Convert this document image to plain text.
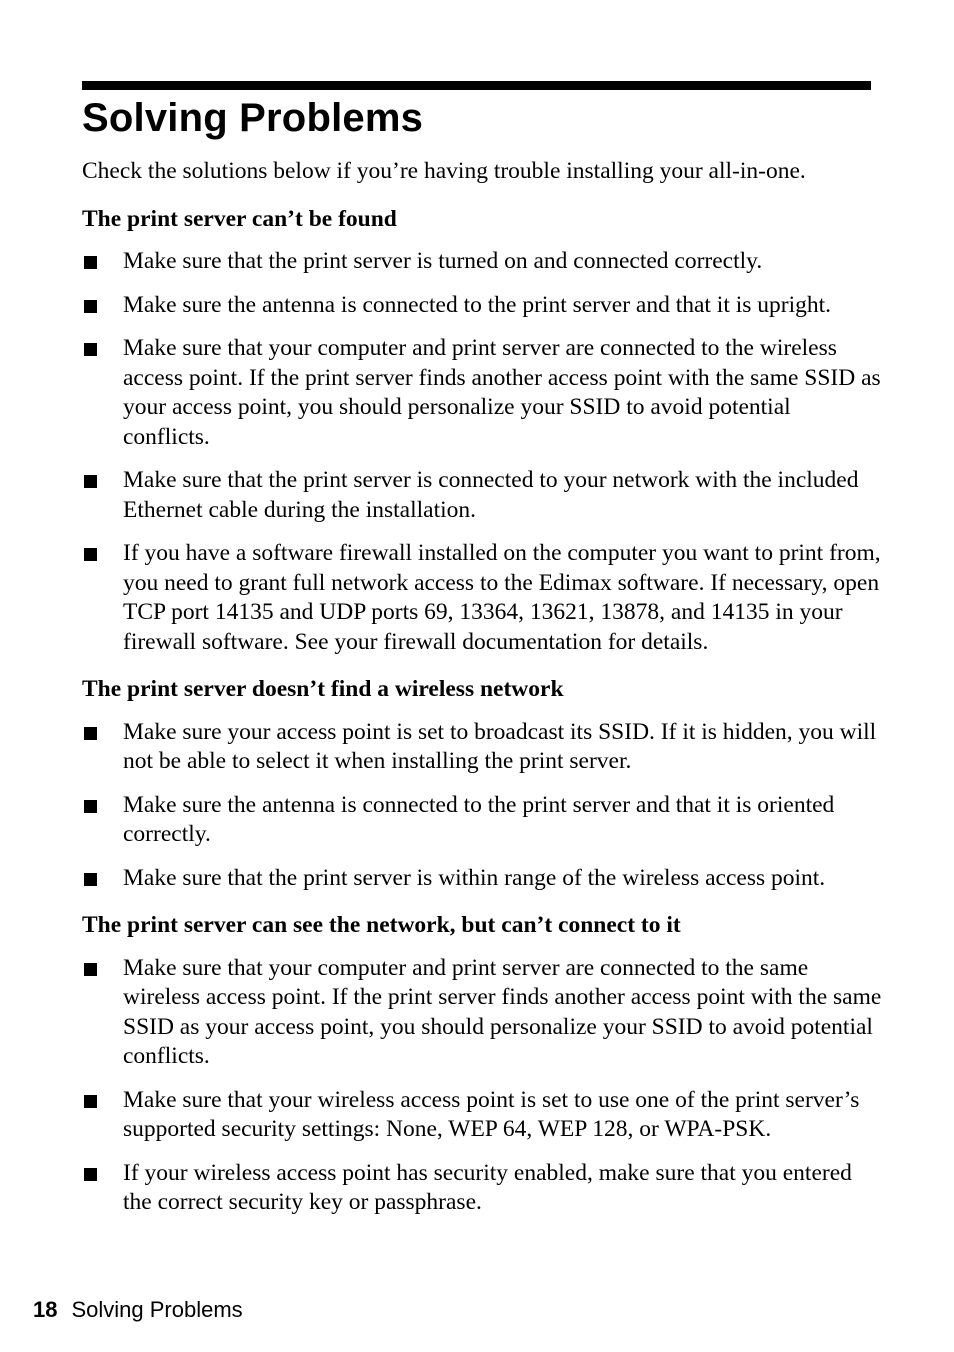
Solving Problems

Check the solutions below if you’re having trouble installing your all-in-one.

The print server can’t be found

Make sure that the print server is turned on and connected correctly.
Make sure the antenna is connected to the print server and that it is upright.
Make sure that your computer and print server are connected to the wireless access point. If the print server finds another access point with the same SSID as your access point, you should personalize your SSID to avoid potential conflicts.
Make sure that the print server is connected to your network with the included Ethernet cable during the installation.
If you have a software firewall installed on the computer you want to print from, you need to grant full network access to the Edimax software. If necessary, open TCP port 14135 and UDP ports 69, 13364, 13621, 13878, and 14135 in your firewall software. See your firewall documentation for details.

The print server doesn’t find a wireless network

Make sure your access point is set to broadcast its SSID. If it is hidden, you will not be able to select it when installing the print server.
Make sure the antenna is connected to the print server and that it is oriented correctly.
Make sure that the print server is within range of the wireless access point.

The print server can see the network, but can’t connect to it

Make sure that your computer and print server are connected to the same wireless access point. If the print server finds another access point with the same SSID as your access point, you should personalize your SSID to avoid potential conflicts.
Make sure that your wireless access point is set to use one of the print server’s supported security settings: None, WEP 64, WEP 128, or WPA-PSK.
If your wireless access point has security enabled, make sure that you entered the correct security key or passphrase.
18 Solving Problems
